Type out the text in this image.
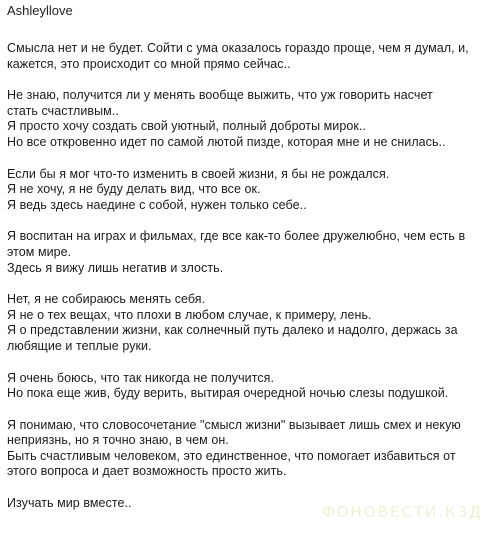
Ashleyllove
Смысла нет и не будет. Сойти с ума оказалось гораздо проще, чем я думал, и,
кажется, это происходит со мной прямо сейчас..
Не знаю, получится ли у менять вообще выжить, что уж говорить насчет
стать счастливым..
Я просто хочу создать свой уютный, полный доброты мирок..
Но все откровенно идет по самой лютой пизде, которая мне и не снилась..
Если бы я мог что-то изменить в своей жизни, я бы не рождался.
Я не хочу, я не буду делать вид, что все ок.
Я ведь здесь наедине с собой, нужен только себе..
Я воспитан на играх и фильмах, где все как-то более дружелюбно, чем есть в
этом мире.
Здесь я вижу лишь негатив и злость.
Нет, я не собираюсь менять себя.
Я не о тех вещах, что плохи в любом случае, к примеру, лень.
Я о представлении жизни, как солнечный путь далеко и надолго, держась за
любящие и теплые руки.
Я очень боюсь, что так никогда не получится.
Но пока еще жив, буду верить, вытирая очередной ночью слезы подушкой.
Я понимаю, что словосочетание "смысл жизни" вызывает лишь смех и некую
неприязнь, но я точно знаю, в чем он.
Быть счастливым человеком, это единственное, что помогает избавиться от
этого вопроса и дает возможность просто жить.
Изучать мир вместе..	ФОНОВЕСТИ.КЗД
